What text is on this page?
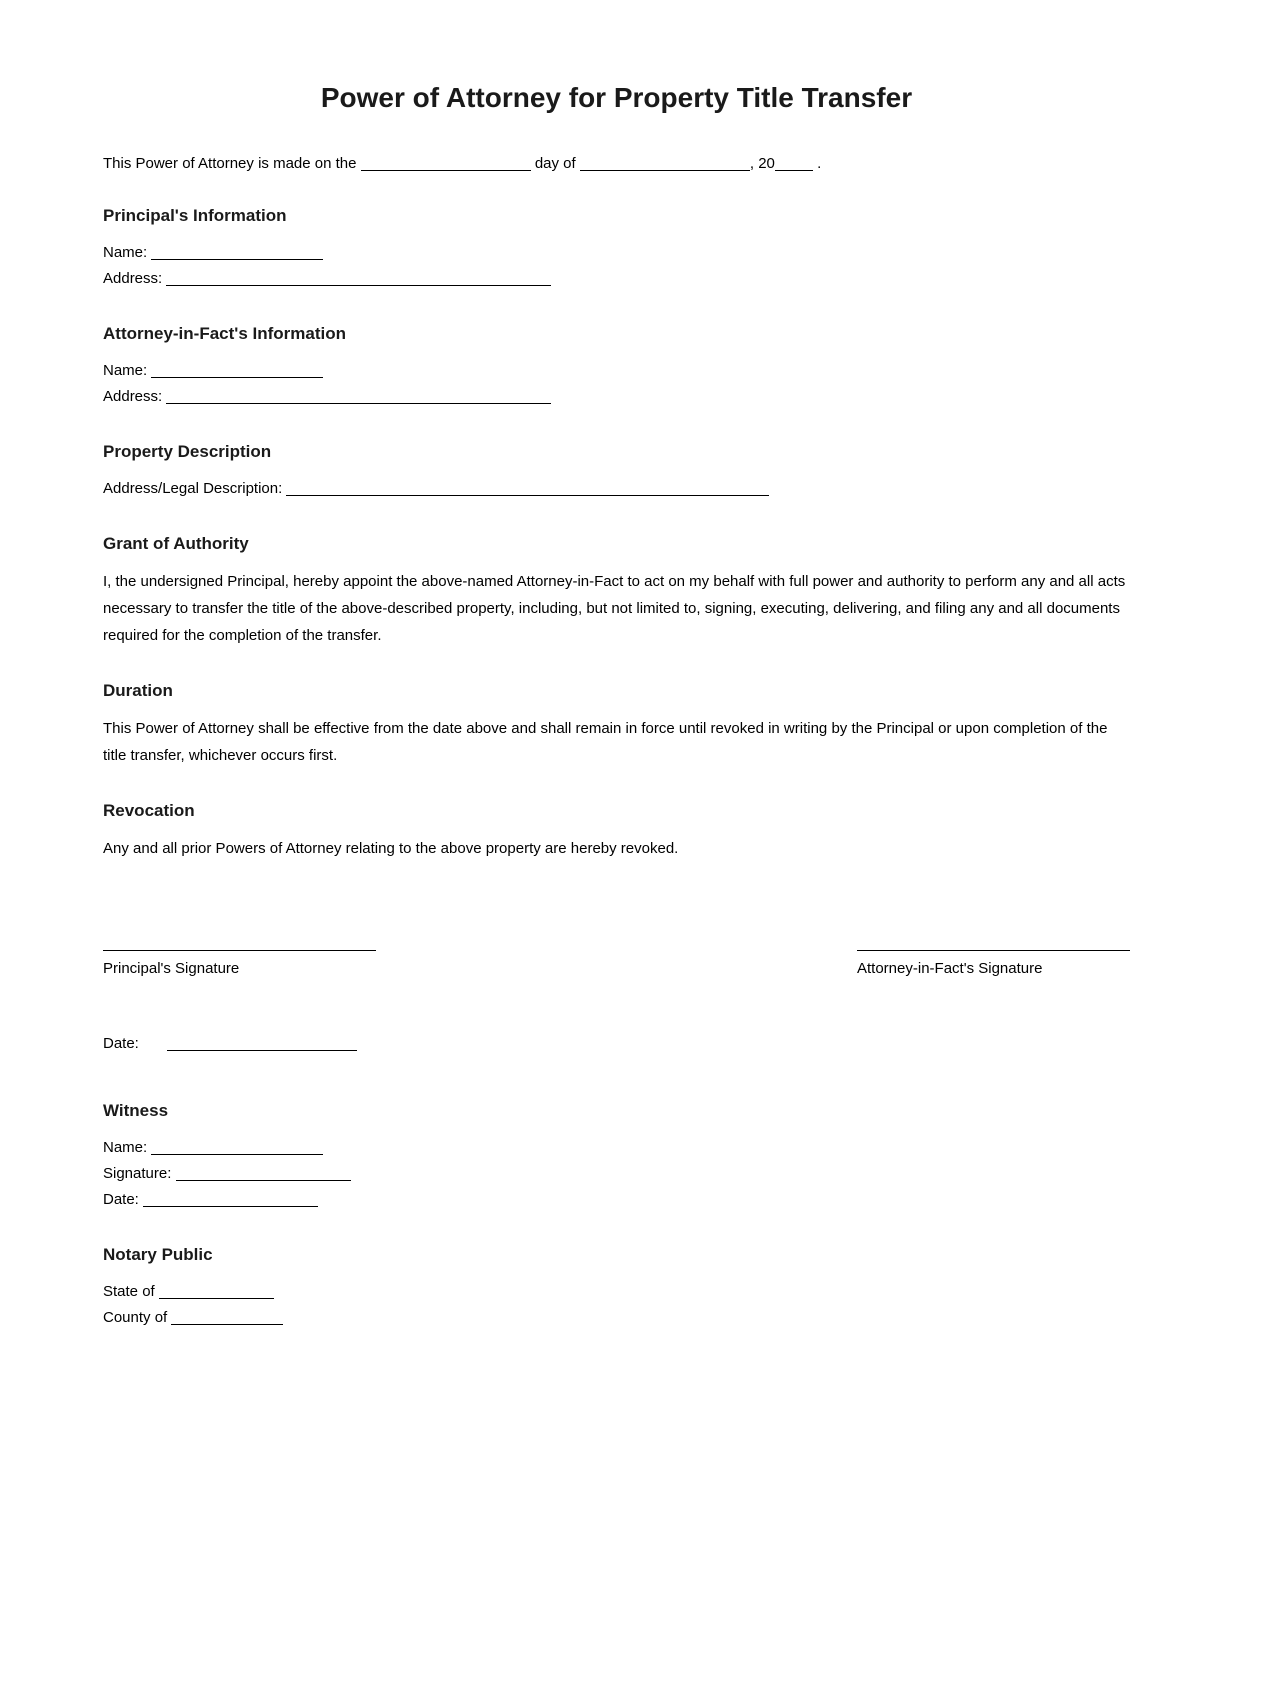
Power of Attorney for Property Title Transfer
This Power of Attorney is made on the	day of	, 20	.
Principal's Information
Name:
Address:
Attorney-in-Fact's Information
Name:
Address:
Property Description
Address/Legal Description:
Grant of Authority

I, the undersigned Principal, hereby appoint the above-named Attorney-in-Fact to act on my behalf with full power and authority to perform any and all acts necessary to transfer the title of the above-described property, including, but not limited to, signing, executing, delivering, and filing any and all documents required for the completion of the transfer.

Duration

This Power of Attorney shall be effective from the date above and shall remain in force until revoked in writing by the Principal or upon completion of the title transfer, whichever occurs first.

Revocation

Any and all prior Powers of Attorney relating to the above property are hereby revoked.

Principal's Signature	Attorney-in-Fact's Signature
Date:
Witness
Name:
Signature:
Date:
Notary Public
State of
County of
